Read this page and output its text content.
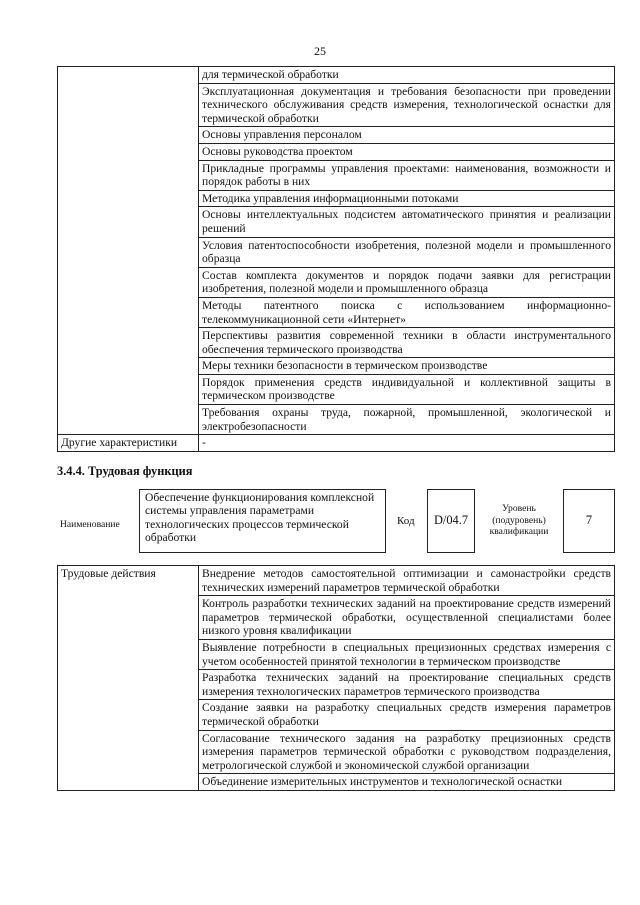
25
	для термической обработки
	Эксплуатационная документация и требования безопасности при проведении технического обслуживания средств измерения, технологической оснастки для термической обработки
	Основы управления персоналом
	Основы руководства проектом
	Прикладные программы управления проектами: наименования, возможности и порядок работы в них
	Методика управления информационными потоками
	Основы интеллектуальных подсистем автоматического принятия и реализации решений
	Условия патентоспособности изобретения, полезной модели и промышленного образца
	Состав комплекта документов и порядок подачи заявки для регистрации изобретения, полезной модели и промышленного образца
	Методы патентного поиска с использованием информационно-телекоммуникационной сети «Интернет»
	Перспективы развития современной техники в области инструментального обеспечения термического производства
	Меры техники безопасности в термическом производстве
	Порядок применения средств индивидуальной и коллективной защиты в термическом производстве
	Требования охраны труда, пожарной, промышленной, экологической и электробезопасности
Другие характеристики	-
3.4.4. Трудовая функция
Наименование
Обеспечение функционирования комплексной системы управления параметрами технологических процессов термической обработки
Код D/04.7
Уровень (подуровень) квалификации
7
Трудовые действия	Внедрение методов самостоятельной оптимизации и самонастройки средств технических измерений параметров термической обработки
Контроль разработки технических заданий на проектирование средств измерений параметров термической обработки, осуществленной специалистами более низкого уровня квалификации
Выявление потребности в специальных прецизионных средствах измерения с учетом особенностей принятой технологии в термическом производстве
Разработка технических заданий на проектирование специальных средств измерения технологических параметров термического производства
Создание заявки на разработку специальных средств измерения параметров термической обработки
Согласование технического задания на разработку прецизионных средств измерения параметров термической обработки с руководством подразделения, метрологической службой и экономической службой организации
Объединение измерительных инструментов и технологической оснастки
